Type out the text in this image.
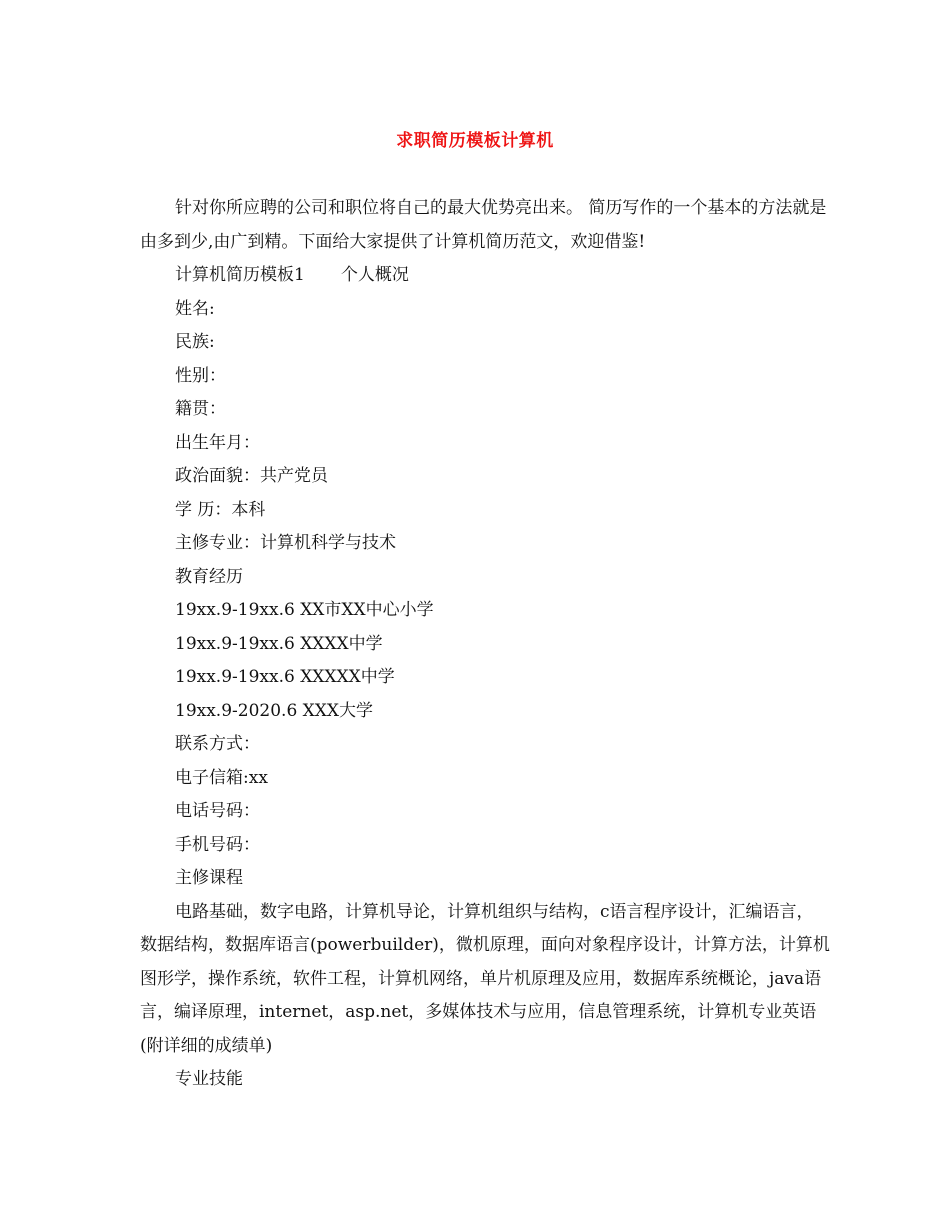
求职简历模板计算机

针对你所应聘的公司和职位将自己的最大优势亮出来。 简历写作的一个基本的方法就是由多到少,由广到精。下面给大家提供了计算机简历范文，欢迎借鉴!

计算机简历模板1 个人概况

姓名:

民族:

性别：

籍贯：

出生年月：

政治面貌：共产党员

学 历：本科

主修专业：计算机科学与技术

教育经历

19xx.9-19xx.6 XX市XX中心小学

19xx.9-19xx.6 XXXX中学

19xx.9-19xx.6 XXXXX中学

19xx.9-2020.6 XXX大学

联系方式：

电子信箱:xx

电话号码：

手机号码：

主修课程

电路基础，数字电路，计算机导论，计算机组织与结构，c语言程序设计，汇编语言，数据结构，数据库语言(powerbuilder)，微机原理，面向对象程序设计，计算方法，计算机图形学，操作系统，软件工程，计算机网络，单片机原理及应用，数据库系统概论，java语言，编译原理，internet，asp.net，多媒体技术与应用，信息管理系统，计算机专业英语(附详细的成绩单)

专业技能
